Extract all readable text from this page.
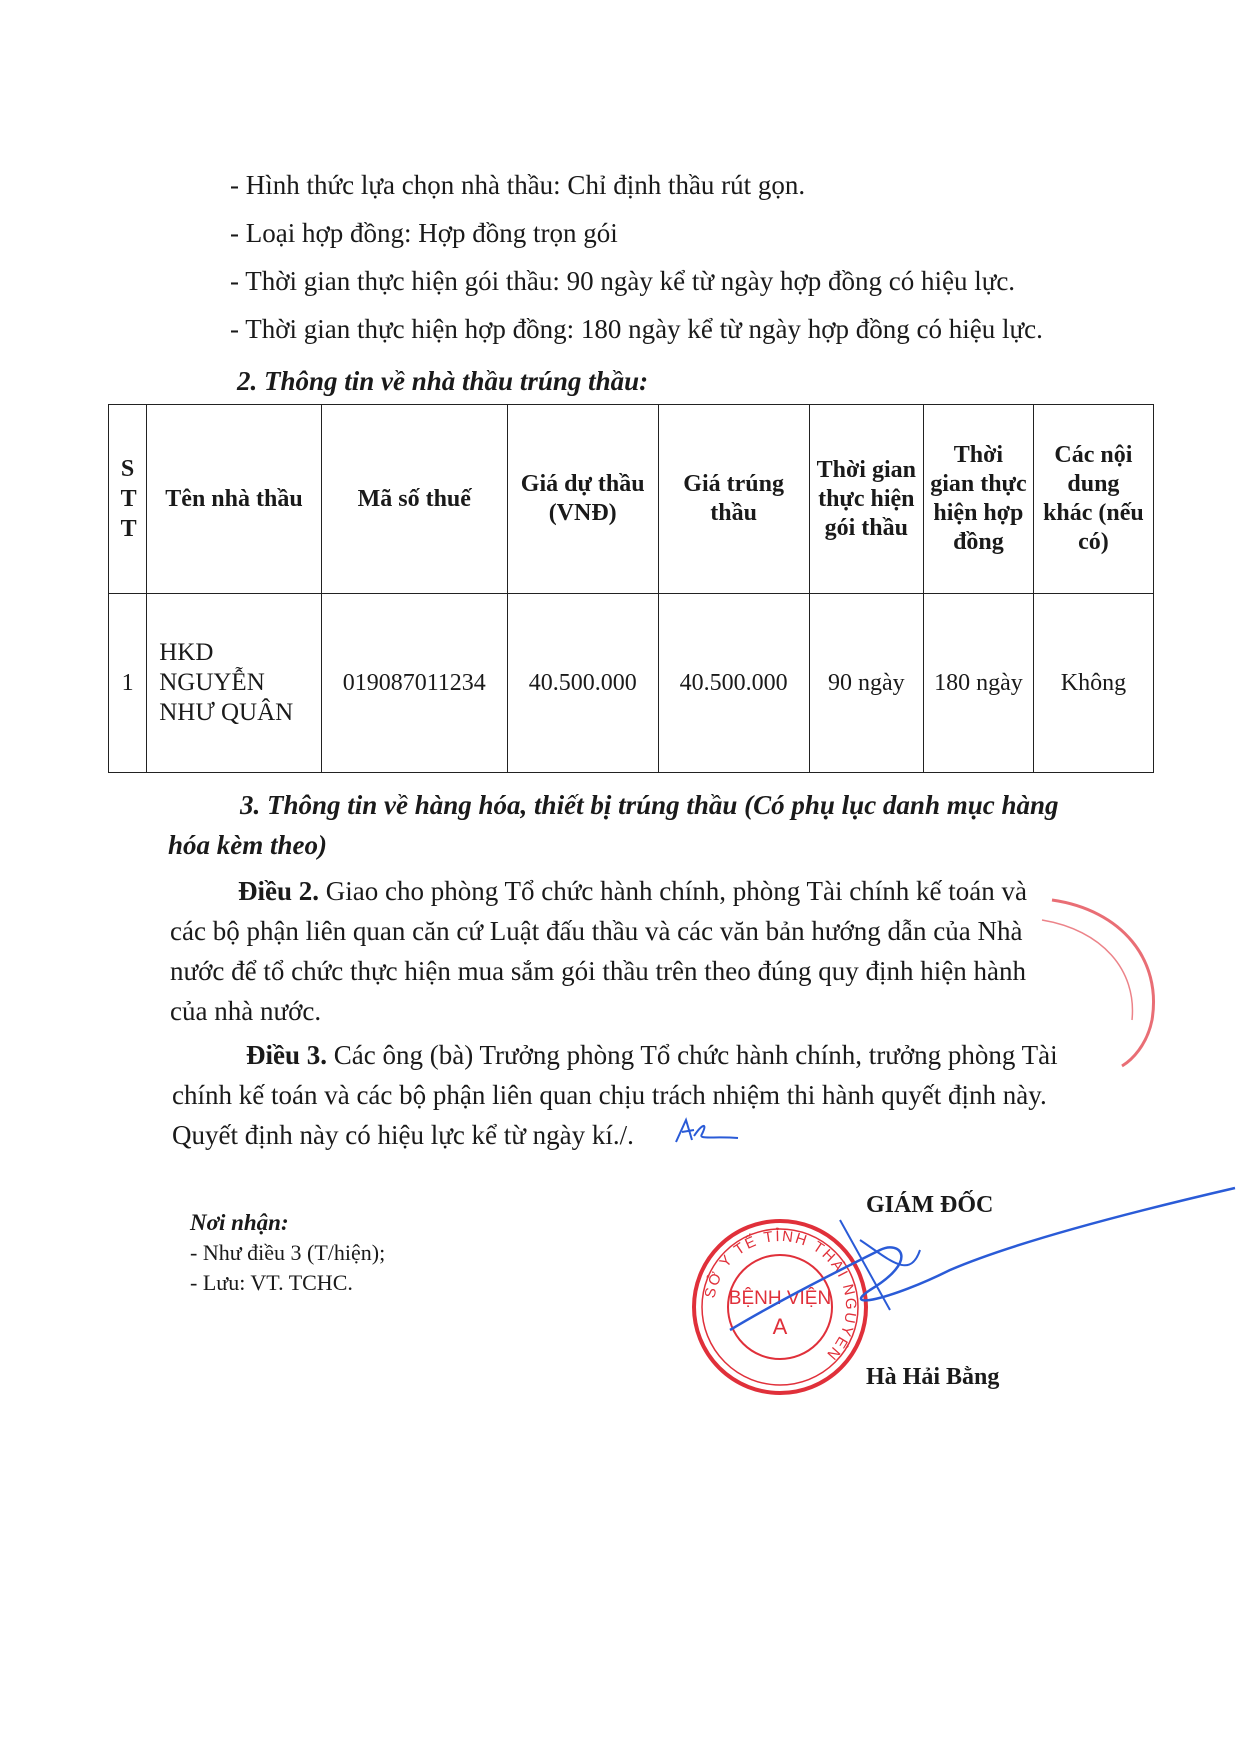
- Hình thức lựa chọn nhà thầu: Chỉ định thầu rút gọn.
- Loại hợp đồng: Hợp đồng trọn gói
- Thời gian thực hiện gói thầu: 90 ngày kể từ ngày hợp đồng có hiệu lực.
- Thời gian thực hiện hợp đồng: 180 ngày kể từ ngày hợp đồng có hiệu lực.
2. Thông tin về nhà thầu trúng thầu:
STT	Tên nhà thầu	Mã số thuế	Giá dự thầu (VNĐ)	Giá trúng thầu	Thời gian thực hiện gói thầu	Thời gian thực hiện hợp đồng	Các nội dung khác (nếu có)
1	HKD NGUYỄN NHƯ QUÂN	019087011234	40.500.000	40.500.000	90 ngày	180 ngày	Không
3. Thông tin về hàng hóa, thiết bị trúng thầu (Có phụ lục danh mục hàng
hóa kèm theo)
Điều 2. Giao cho phòng Tổ chức hành chính, phòng Tài chính kế toán và
các bộ phận liên quan căn cứ Luật đấu thầu và các văn bản hướng dẫn của Nhà
nước để tổ chức thực hiện mua sắm gói thầu trên theo đúng quy định hiện hành
của nhà nước.
Điều 3. Các ông (bà) Trưởng phòng Tổ chức hành chính, trưởng phòng Tài
chính kế toán và các bộ phận liên quan chịu trách nhiệm thi hành quyết định này.
Quyết định này có hiệu lực kể từ ngày kí./.
Nơi nhận:
- Như điều 3 (T/hiện);
- Lưu: VT. TCHC.
GIÁM ĐỐC
SỞ Y TẾ TỈNH THÁI NGUYÊN
BỆNH VIỆN
A
Hà Hải Bằng
